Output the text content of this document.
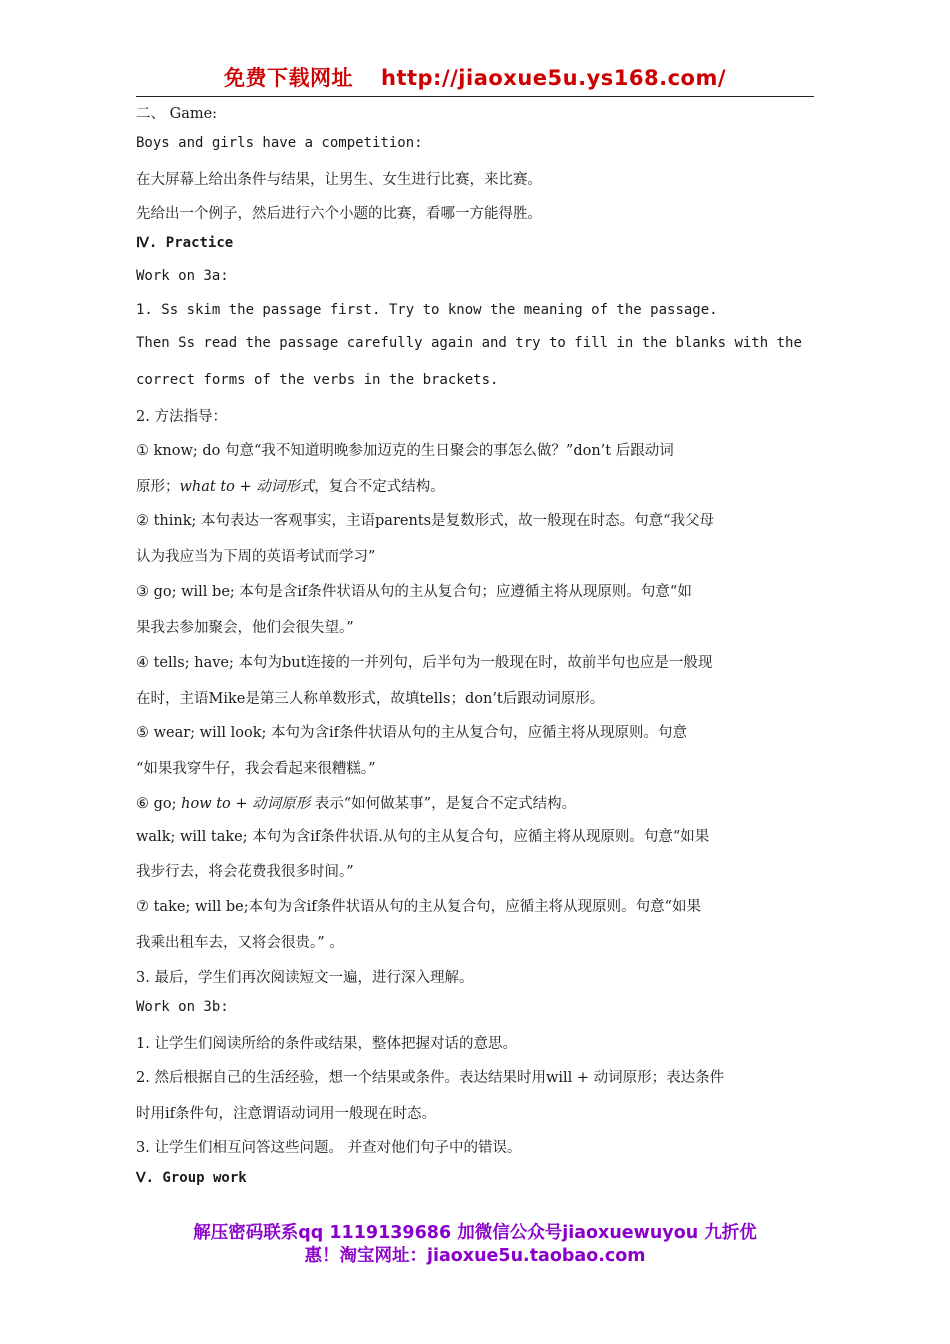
免费下载网址 http://jiaoxue5u.ys168.com/
二、 Game:
Boys and girls have a competition:
在大屏幕上给出条件与结果，让男生、女生进行比赛，来比赛。
先给出一个例子，然后进行六个小题的比赛，看哪一方能得胜。
Ⅳ. Practice
Work on 3a:
1. Ss skim the passage first. Try to know the meaning of the passage.
Then Ss read the passage carefully again and try to fill in the blanks with the
correct forms of the verbs in the brackets.
2. 方法指导：
① know; do 句意“我不知道明晚参加迈克的生日聚会的事怎么做？”don’t 后跟动词
原形；what to + 动词形式，复合不定式结构。
② think; 本句表达一客观事实，主语parents是复数形式，故一般现在时态。句意“我父母
认为我应当为下周的英语考试而学习”
③ go; will be; 本句是含if条件状语从句的主从复合句；应遵循主将从现原则。句意“如
果我去参加聚会，他们会很失望。”
④ tells; have; 本句为but连接的一并列句，后半句为一般现在时，故前半句也应是一般现
在时，主语Mike是第三人称单数形式，故填tells；don’t后跟动词原形。
⑤ wear; will look; 本句为含if条件状语从句的主从复合句，应循主将从现原则。句意
“如果我穿牛仔，我会看起来很糟糕。”
⑥ go; how to + 动词原形 表示“如何做某事”，是复合不定式结构。
walk; will take; 本句为含if条件状语.从句的主从复合句，应循主将从现原则。句意“如果
我步行去，将会花费我很多时间。”
⑦ take; will be;本句为含if条件状语从句的主从复合句，应循主将从现原则。句意“如果
我乘出租车去，又将会很贵。” 。
3. 最后，学生们再次阅读短文一遍，进行深入理解。
Work on 3b:
1. 让学生们阅读所给的条件或结果，整体把握对话的意思。
2. 然后根据自己的生活经验，想一个结果或条件。表达结果时用will + 动词原形；表达条件
时用if条件句，注意谓语动词用一般现在时态。
3. 让学生们相互问答这些问题。 并查对他们句子中的错误。
Ⅴ. Group work
解压密码联系qq 1119139686 加微信公众号jiaoxuewuyou 九折优
惠！淘宝网址：jiaoxue5u.taobao.com
